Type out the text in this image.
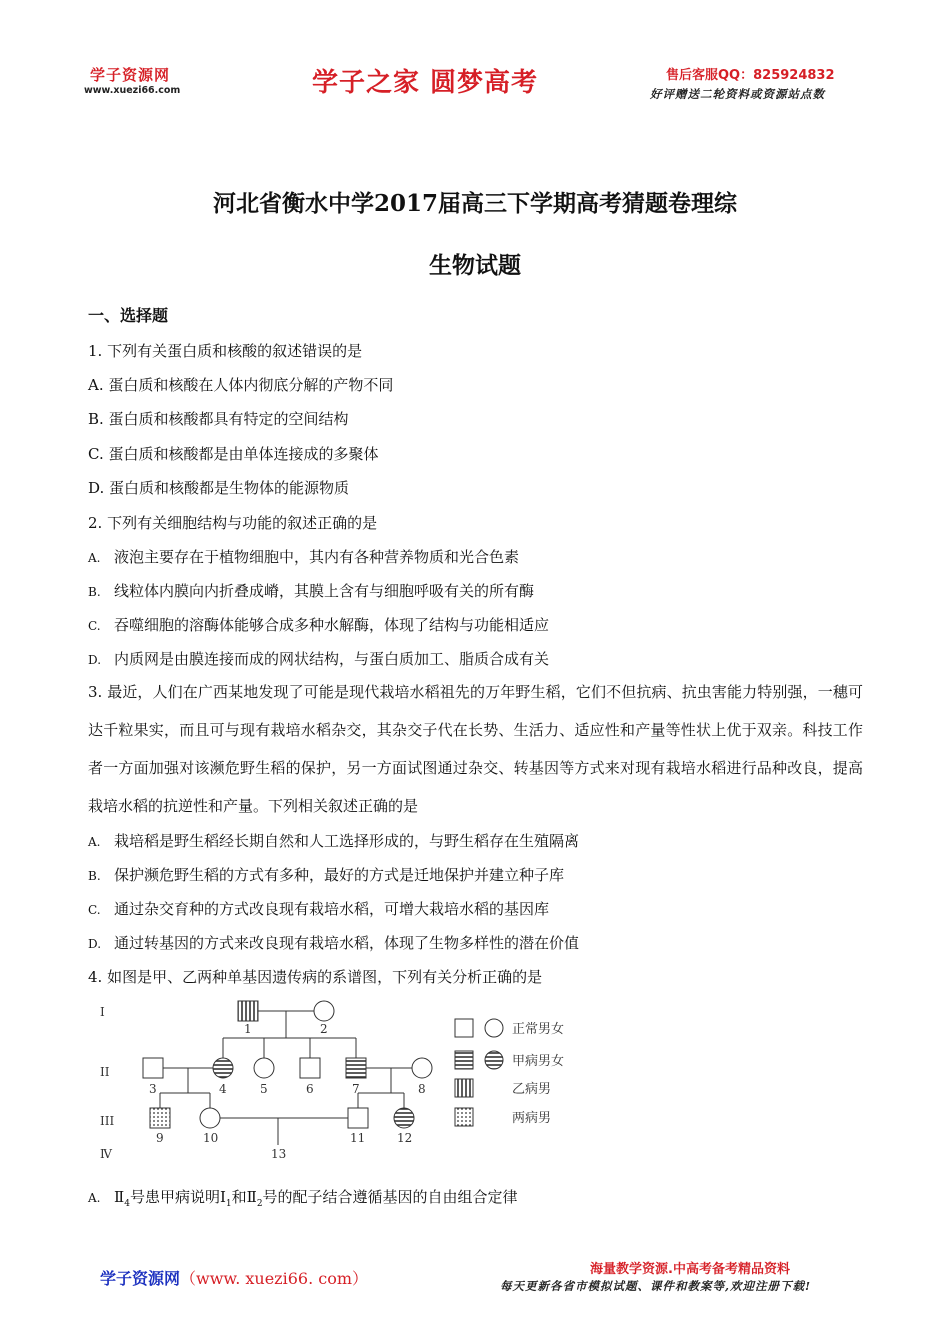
学子资源网
www.xuezi66.com	学子之家 圆梦高考	售后客服QQ：825924832
好评赠送二轮资料或资源站点数
河北省衡水中学2017届高三下学期高考猜题卷理综
生物试题
一、选择题
1. 下列有关蛋白质和核酸的叙述错误的是
A. 蛋白质和核酸在人体内彻底分解的产物不同
B. 蛋白质和核酸都具有特定的空间结构
C. 蛋白质和核酸都是由单体连接成的多聚体
D. 蛋白质和核酸都是生物体的能源物质
2. 下列有关细胞结构与功能的叙述正确的是
A. 液泡主要存在于植物细胞中，其内有各种营养物质和光合色素
B. 线粒体内膜向内折叠成嵴，其膜上含有与细胞呼吸有关的所有酶
C. 吞噬细胞的溶酶体能够合成多种水解酶，体现了结构与功能相适应
D. 内质网是由膜连接而成的网状结构，与蛋白质加工、脂质合成有关
3. 最近，人们在广西某地发现了可能是现代栽培水稻祖先的万年野生稻，它们不但抗病、抗虫害能力特别强，一穗可达千粒果实，而且可与现有栽培水稻杂交，其杂交子代在长势、生活力、适应性和产量等性状上优于双亲。科技工作者一方面加强对该濒危野生稻的保护，另一方面试图通过杂交、转基因等方式来对现有栽培水稻进行品种改良，提高栽培水稻的抗逆性和产量。下列相关叙述正确的是
A. 栽培稻是野生稻经长期自然和人工选择形成的，与野生稻存在生殖隔离
B. 保护濒危野生稻的方式有多种，最好的方式是迁地保护并建立种子库
C. 通过杂交育种的方式改良现有栽培水稻，可增大栽培水稻的基因库
D. 通过转基因的方式来改良现有栽培水稻，体现了生物多样性的潜在价值
4. 如图是甲、乙两种单基因遗传病的系谱图，下列有关分析正确的是
I
II
III
Ⅳ
1	2
3	4	5	6	7	8
9	10	11	12
13
正常男女
甲病男女
乙病男
两病男
A. $Ⅱ_4$号患甲病说明$Ⅰ_1$和$Ⅱ_2$号的配子结合遵循基因的自由组合定律
学子资源网（www. xuezi66. com）	海量教学资源.中高考备考精品资料
每天更新各省市模拟试题、课件和教案等,欢迎注册下载!
